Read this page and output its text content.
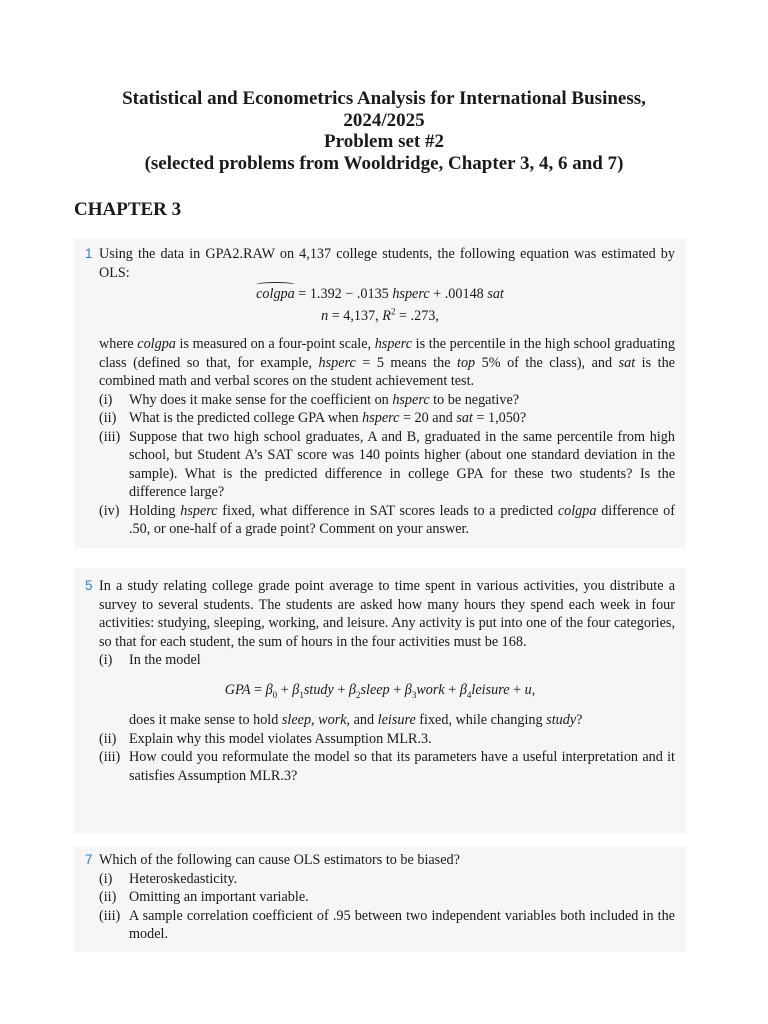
Statistical and Econometrics Analysis for International Business,
2024/2025
Problem set #2
(selected problems from Wooldridge, Chapter 3, 4, 6 and 7)
CHAPTER 3
1 Using the data in GPA2.RAW on 4,137 college students, the following equation was estimated by OLS:
colgpa = 1.392 − .0135 hsperc + .00148 sat
n = 4,137, $R^2 = .273$,
where colgpa is measured on a four-point scale, hsperc is the percentile in the high school graduating class (defined so that, for example, hsperc = 5 means the top 5% of the class), and sat is the combined math and verbal scores on the student achievement test.
(i) Why does it make sense for the coefficient on hsperc to be negative?
(ii) What is the predicted college GPA when hsperc = 20 and sat = 1,050?
(iii) Suppose that two high school graduates, A and B, graduated in the same percentile from high school, but Student A’s SAT score was 140 points higher (about one standard deviation in the sample). What is the predicted difference in college GPA for these two students? Is the difference large?
(iv) Holding hsperc fixed, what difference in SAT scores leads to a predicted colgpa difference of .50, or one-half of a grade point? Comment on your answer.
5 In a study relating college grade point average to time spent in various activities, you distribute a survey to several students. The students are asked how many hours they spend each week in four activities: studying, sleeping, working, and leisure. Any activity is put into one of the four categories, so that for each student, the sum of hours in the four activities must be 168.
(i) In the model
GPA = $\beta_0$ + $\beta_1study$ + $\beta_2sleep$ + $\beta_3work$ + $\beta_4leisure + u$,
does it make sense to hold sleep, work, and leisure fixed, while changing study?
(ii) Explain why this model violates Assumption MLR.3.
(iii) How could you reformulate the model so that its parameters have a useful interpretation and it satisfies Assumption MLR.3?
7 Which of the following can cause OLS estimators to be biased?
(i) Heteroskedasticity.
(ii) Omitting an important variable.
(iii) A sample correlation coefficient of .95 between two independent variables both included in the model.
